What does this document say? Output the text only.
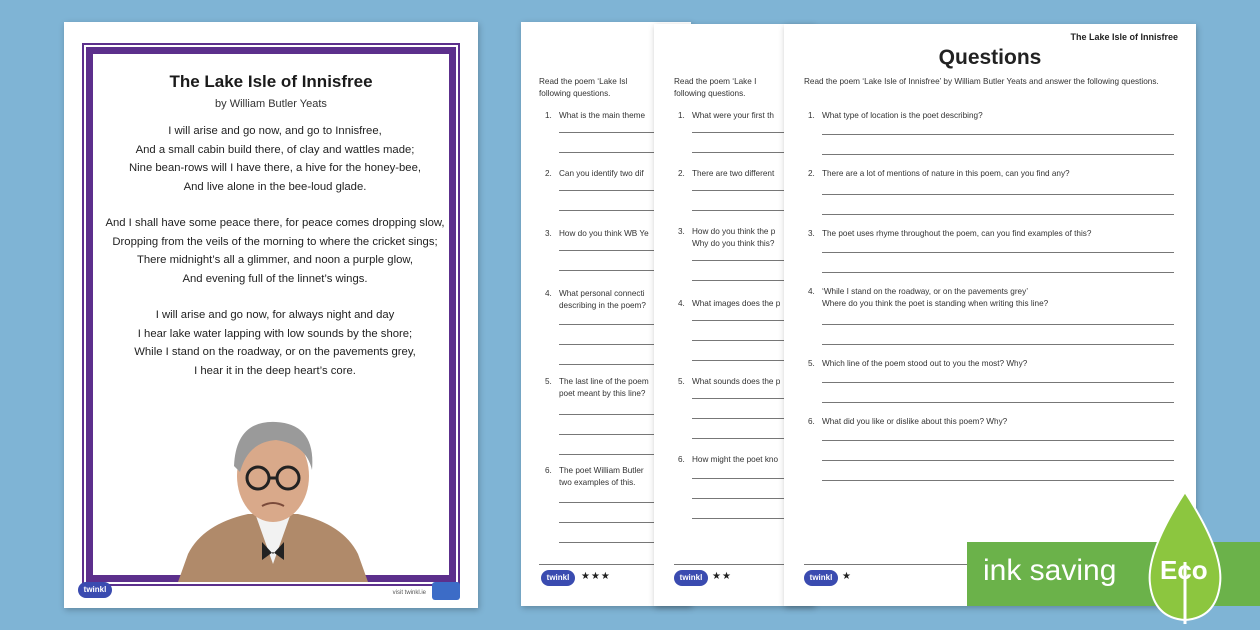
The Lake Isle of Innisfree
by William Butler Yeats
I will arise and go now, and go to Innisfree,
And a small cabin build there, of clay and wattles made;
Nine bean-rows will I have there, a hive for the honey-bee,
And live alone in the bee-loud glade.
And I shall have some peace there, for peace comes dropping slow,
Dropping from the veils of the morning to where the cricket sings;
There midnight’s all a glimmer, and noon a purple glow,
And evening full of the linnet’s wings.
I will arise and go now, for always night and day
I hear lake water lapping with low sounds by the shore;
While I stand on the roadway, or on the pavements grey,
I hear it in the deep heart’s core.
twinkl	visit twinkl.ie
Read the poem ‘Lake Isl
following questions.
1. What is the main theme
2. Can you identify two dif
3. How do you think WB Ye
4. What personal connecti
describing in the poem?
5. The last line of the poem
poet meant by this line?
6. The poet William Butler
two examples of this.
twinkl	★★★
Read the poem ‘Lake I
following questions.
1. What were your first th
2. There are two different
3. How do you think the p
Why do you think this?
4. What images does the p
5. What sounds does the p
6. How might the poet kno
twinkl ★★
The Lake Isle of Innisfree
Questions
Read the poem ‘Lake Isle of Innisfree’ by William Butler Yeats and answer the following questions.
1. What type of location is the poet describing?
2. There are a lot of mentions of nature in this poem, can you find any?
3. The poet uses rhyme throughout the poem, can you find examples of this?
4. ‘While I stand on the roadway, or on the pavements grey’
Where do you think the poet is standing when writing this line?
5. Which line of the poem stood out to you the most? Why?
6. What did you like or dislike about this poem? Why?
twinkl ★	ink saving Eco
